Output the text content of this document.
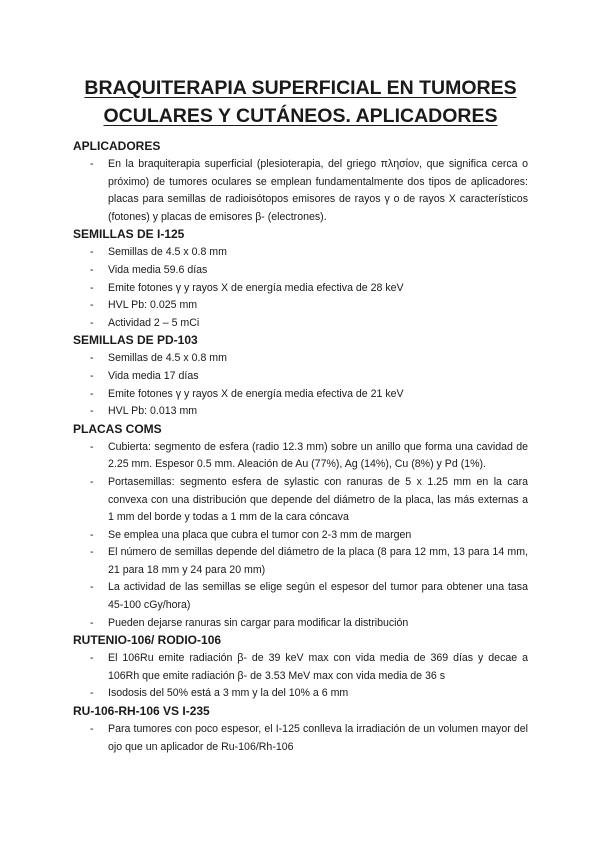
BRAQUITERAPIA SUPERFICIAL EN TUMORES
OCULARES Y CUTÁNEOS. APLICADORES
APLICADORES
- En la braquiterapia superficial (plesioterapia, del griego πλησίον, que significa cerca o próximo) de tumores oculares se emplean fundamentalmente dos tipos de aplicadores: placas para semillas de radioisótopos emisores de rayos γ o de rayos X característicos (fotones) y placas de emisores β- (electrones).
SEMILLAS DE I-125
- Semillas de 4.5 x 0.8 mm
- Vida media 59.6 días
- Emite fotones γ y rayos X de energía media efectiva de 28 keV
- HVL Pb: 0.025 mm
- Actividad 2 – 5 mCi
SEMILLAS DE PD-103
- Semillas de 4.5 x 0.8 mm
- Vida media 17 días
- Emite fotones γ y rayos X de energía media efectiva de 21 keV
- HVL Pb: 0.013 mm
PLACAS COMS
- Cubierta: segmento de esfera (radio 12.3 mm) sobre un anillo que forma una cavidad de 2.25 mm. Espesor 0.5 mm. Aleación de Au (77%), Ag (14%), Cu (8%) y Pd (1%).
- Portasemillas: segmento esfera de sylastic con ranuras de 5 x 1.25 mm en la cara convexa con una distribución que depende del diámetro de la placa, las más externas a 1 mm del borde y todas a 1 mm de la cara cóncava
- Se emplea una placa que cubra el tumor con 2-3 mm de margen
- El número de semillas depende del diámetro de la placa (8 para 12 mm, 13 para 14 mm, 21 para 18 mm y 24 para 20 mm)
- La actividad de las semillas se elige según el espesor del tumor para obtener una tasa 45-100 cGy/hora)
- Pueden dejarse ranuras sin cargar para modificar la distribución
RUTENIO-106/ RODIO-106
- El 106Ru emite radiación β- de 39 keV max con vida media de 369 días y decae a 106Rh que emite radiación β- de 3.53 MeV max con vida media de 36 s
- Isodosis del 50% está a 3 mm y la del 10% a 6 mm
RU-106-RH-106 VS I-235
- Para tumores con poco espesor, el I-125 conlleva la irradiación de un volumen mayor del ojo que un aplicador de Ru-106/Rh-106
